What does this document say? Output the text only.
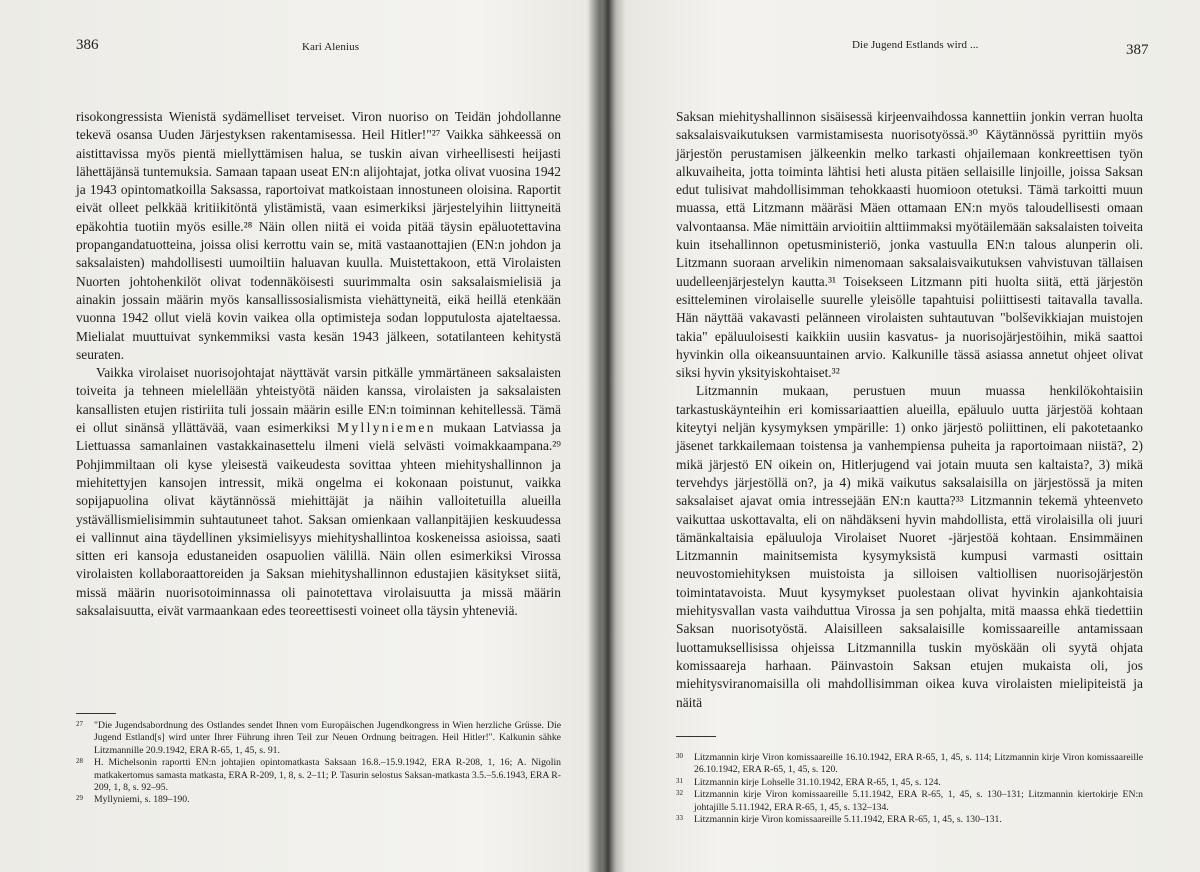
386	Kari Alenius

risokongressista Wienistä sydämelliset terveiset. Viron nuoriso on Teidän johdollanne tekevä osansa Uuden Järjestyksen rakentamisessa. Heil Hitler!"²⁷ Vaikka sähkeessä on aistittavissa myös pientä miellyttämisen halua, se tuskin aivan virheellisesti heijasti lähettäjänsä tuntemuksia. Samaan tapaan useat EN:n alijohtajat, jotka olivat vuosina 1942 ja 1943 opintomatkoilla Saksassa, raportoivat matkoistaan innostuneen oloisina. Raportit eivät olleet pelkkää kritiikitöntä ylistämistä, vaan esimerkiksi järjestelyihin liittyneitä epäkohtia tuotiin myös esille.²⁸ Näin ollen niitä ei voida pitää täysin epäluotettavina propangandatuotteina, joissa olisi kerrottu vain se, mitä vastaanottajien (EN:n johdon ja saksalaisten) mahdollisesti uumoiltiin haluavan kuulla. Muistettakoon, että Virolaisten Nuorten johtohenkilöt olivat todennäköisesti suurimmalta osin saksalaismielisiä ja ainakin jossain määrin myös kansallissosialismista viehättyneitä, eikä heillä etenkään vuonna 1942 ollut vielä kovin vaikea olla optimisteja sodan lopputulosta ajateltaessa. Mielialat muuttuivat synkemmiksi vasta kesän 1943 jälkeen, sotatilanteen kehitystä seuraten.

Vaikka virolaiset nuorisojohtajat näyttävät varsin pitkälle ymmärtäneen saksalaisten toiveita ja tehneen mielellään yhteistyötä näiden kanssa, virolaisten ja saksalaisten kansallisten etujen ristiriita tuli jossain määrin esille EN:n toiminnan kehitellessä. Tämä ei ollut sinänsä yllättävää, vaan esimerkiksi Myllyniemen mukaan Latviassa ja Liettuassa samanlainen vastakkainasettelu ilmeni vielä selvästi voimakkaampana.²⁹ Pohjimmiltaan oli kyse yleisestä vaikeudesta sovittaa yhteen miehityshallinnon ja miehitettyjen kansojen intressit, mikä ongelma ei kokonaan poistunut, vaikka sopijapuolina olivat käytännössä miehittäjät ja näihin valloitetuilla alueilla ystävällismielisimmin suhtautuneet tahot. Saksan omienkaan vallanpitäjien keskuudessa ei vallinnut aina täydellinen yksimielisyys miehityshallintoa koskeneissa asioissa, saati sitten eri kansoja edustaneiden osapuolien välillä. Näin ollen esimerkiksi Virossa virolaisten kollaboraattoreiden ja Saksan miehityshallinnon edustajien käsitykset siitä, missä määrin nuorisotoiminnassa oli painotettava virolaisuutta ja missä määrin saksalaisuutta, eivät varmaankaan edes teoreettisesti voineet olla täysin yhteneviä.

27 "Die Jugendsabordnung des Ostlandes sendet Ihnen vom Europäischen Jugendkongress in Wien herzliche Grüsse. Die Jugend Estland[s] wird unter Ihrer Führung ihren Teil zur Neuen Ordnung beitragen. Heil Hitler!". Kalkunin sähke Litzmannille 20.9.1942, ERA R-65, 1, 45, s. 91.

28 H. Michelsonin raportti EN:n johtajien opintomatkasta Saksaan 16.8.–15.9.1942, ERA R-208, 1, 16; A. Nigolin matkakertomus samasta matkasta, ERA R-209, 1, 8, s. 2–11; P. Tasurin selostus Saksan-matkasta 3.5.–5.6.1943, ERA R-209, 1, 8, s. 92–95.

29 Myllyniemi, s. 189–190.

Die Jugend Estlands wird ...	387

Saksan miehityshallinnon sisäisessä kirjeenvaihdossa kannettiin jonkin verran huolta saksalaisvaikutuksen varmistamisesta nuorisotyössä.³⁰ Käytännössä pyrittiin myös järjestön perustamisen jälkeenkin melko tarkasti ohjailemaan konkreettisen työn alkuvaiheita, jotta toiminta lähtisi heti alusta pitäen sellaisille linjoille, joissa Saksan edut tulisivat mahdollisimman tehokkaasti huomioon otetuksi. Tämä tarkoitti muun muassa, että Litzmann määräsi Mäen ottamaan EN:n myös taloudellisesti omaan valvontaansa. Mäe nimittäin arvioitiin alttiimmaksi myötäilemään saksalaisten toiveita kuin itsehallinnon opetusministeriö, jonka vastuulla EN:n talous alunperin oli. Litzmann suoraan arvelikin nimenomaan saksalaisvaikutuksen vahvistuvan tällaisen uudelleenjärjestelyn kautta.³¹ Toisekseen Litzmann piti huolta siitä, että järjestön esitteleminen virolaiselle suurelle yleisölle tapahtuisi poliittisesti taitavalla tavalla. Hän näyttää vakavasti pelänneen virolaisten suhtautuvan "bolševikkiajan muistojen takia" epäluuloisesti kaikkiin uusiin kasvatus- ja nuorisojärjestöihin, mikä saattoi hyvinkin olla oikeansuuntainen arvio. Kalkunille tässä asiassa annetut ohjeet olivat siksi hyvin yksityiskohtaiset.³²

Litzmannin mukaan, perustuen muun muassa henkilökohtaisiin tarkastuskäynteihin eri komissariaattien alueilla, epäluulo uutta järjestöä kohtaan kiteytyi neljän kysymyksen ympärille: 1) onko järjestö poliittinen, eli pakotetaanko jäsenet tarkkailemaan toistensa ja vanhempiensa puheita ja raportoimaan niistä?, 2) mikä järjestö EN oikein on, Hitlerjugend vai jotain muuta sen kaltaista?, 3) mikä tervehdys järjestöllä on?, ja 4) mikä vaikutus saksalaisilla on järjestössä ja miten saksalaiset ajavat omia intressejään EN:n kautta?³³ Litzmannin tekemä yhteenveto vaikuttaa uskottavalta, eli on nähdäkseni hyvin mahdollista, että virolaisilla oli juuri tämänkaltaisia epäluuloja Virolaiset Nuoret -järjestöä kohtaan. Ensimmäinen Litzmannin mainitsemista kysymyksistä kumpusi varmasti osittain neuvostomiehityksen muistoista ja silloisen valtiollisen nuorisojärjestön toimintatavoista. Muut kysymykset puolestaan olivat hyvinkin ajankohtaisia miehitysvallan vasta vaihduttua Virossa ja sen pohjalta, mitä maassa ehkä tiedettiin Saksan nuorisotyöstä. Alaisilleen saksalaisille komissaareille antamissaan luottamuksellisissa ohjeissa Litzmannilla tuskin myöskään oli syytä ohjata komissaareja harhaan. Päinvastoin Saksan etujen mukaista oli, jos miehitysviranomaisilla oli mahdollisimman oikea kuva virolaisten mielipiteistä ja näitä

30 Litzmannin kirje Viron komissaareille 16.10.1942, ERA R-65, 1, 45, s. 114; Litzmannin kirje Viron komissaareille 26.10.1942, ERA R-65, 1, 45, s. 120.

31 Litzmannin kirje Lohselle 31.10.1942, ERA R-65, 1, 45, s. 124.

32 Litzmannin kirje Viron komissaareille 5.11.1942, ERA R-65, 1, 45, s. 130–131; Litzmannin kiertokirje EN:n johtajille 5.11.1942, ERA R-65, 1, 45, s. 132–134.

33 Litzmannin kirje Viron komissaareille 5.11.1942, ERA R-65, 1, 45, s. 130–131.
